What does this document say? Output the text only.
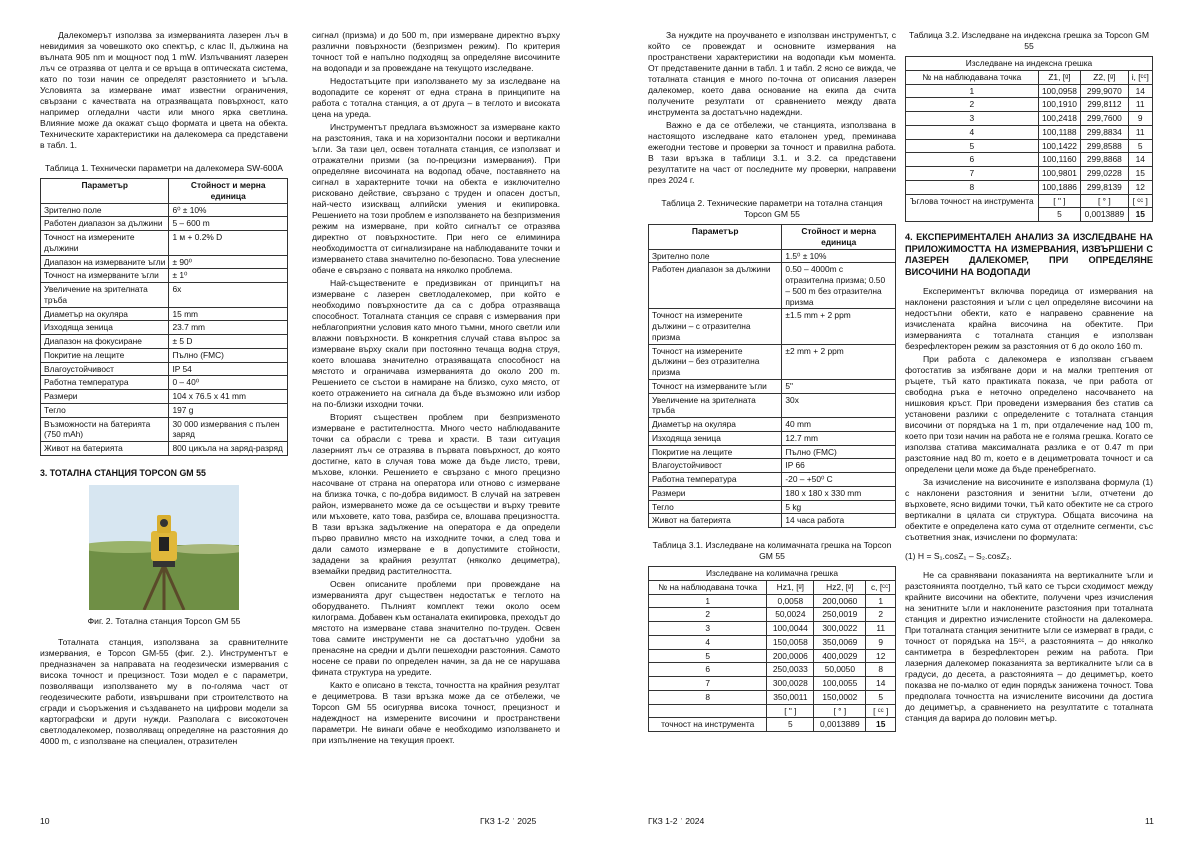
Далекомерът използва за измерванията лазерен лъч в невидимия за човешкото око спектър, с клас II, дължина на вълната 905 nm и мощност под 1 mW. Излъчваният лазерен лъч се отразява от целта и се връща в оптическата система, като по този начин се определят разстоянието и ъгъла. Условията за измерване имат известни ограничения, свързани с качествата на отразяващата повърхност, като например огледални части или много ярка светлина. Влияние може да окажат също формата и цвета на обекта. Техническите характеристики на далекомера са представени в табл. 1.

Таблица 1. Технически параметри на далекомера SW-600A

Параметър	Стойност и мерна единица
Зрително поле	6⁰ ± 10%
Работен диапазон за дължини	5 – 600 m
Точност на измерените дължини	1 м + 0.2% D
Диапазон на измерваните ъгли	± 90⁰
Точност на измерваните ъгли	± 1⁰
Увеличение на зрителната тръба	6x
Диаметър на окуляра	15 mm
Изходяща зеница	23.7 mm
Диапазон на фокусиране	± 5 D
Покритие на лещите	Пълно (FMC)
Влагоустойчивост	IP 54
Работна температура	0 – 40⁰
Размери	104 x 76.5 x 41 mm
Тегло	197 g
Възможности на батерията (750 mAh)	30 000 измервания с пълен заряд
Живот на батерията	800 цикъла на заряд-разряд

3. ТОТАЛНА СТАНЦИЯ TOPCON GM 55

Фиг. 2. Тотална станция Topcon GM 55

Тоталната станция, използвана за сравнителните измервания, е Topcon GM-55 (фиг. 2.). Инструментът е предназначен за направата на геодезически измервания с висока точност и прецизност. Този модел е с параметри, позволяващи използването му в по-голяма част от геодезическите работи, извършвани при строителството на сгради и съоръжения и създаването на цифрови модели за картографски и други нужди. Разполага с високоточен светлодалекомер, позволяващ определяне на разстояния до 4000 m, с използване на специален, отразителен

сигнал (призма) и до 500 m, при измерване директно върху различни повърхности (безпризмен режим). По критерия точност той е напълно подходящ за определяне височините на водопади и за провеждане на текущото изследване.

Недостатъците при използването му за изследване на водопадите се коренят от една страна в принципите на работа с тотална станция, а от друга – в теглото и високата цена на уреда.

Инструментът предлага възможност за измерване както на разстояния, така и на хоризонтални посоки и вертикални ъгли. За тази цел, освен тоталната станция, се използват и отражателни призми (за по-прецизни измервания). При определяне височината на водопад обаче, поставянето на сигнал в характерните точки на обекта е изключително рисковано действие, свързано с труден и опасен достъп, най-често изискващ алпийски умения и екипировка. Решението на този проблем е използването на безпризмения режим на измерване, при който сигналът се отразява директно от повърхностите. При него се елиминира необходимостта от сигнализиране на наблюдаваните точки и измерването става значително по-безопасно. Това улеснение обаче е свързано с появата на няколко проблема.

Най-съществените е предизвикан от принципът на измерване с лазерен светлодалекомер, при който е необходимо повърхностите да са с добра отразяваща способност. Тоталната станция се справя с измервания при неблагоприятни условия като много тъмни, много светли или влажни повърхности. В конкретния случай става въпрос за измерване върху скали при постоянно течаща водна струя, което влошава значително отразяващата способност на мястото и ограничава измерванията до около 200 m. Решението се състои в намиране на близко, сухо място, от което отражението на сигнала да бъде възможно или избор на по-близки изходни точки.

Вторият съществен проблем при безпризменото измерване е растителността. Много често наблюдаваните точки са обрасли с трева и храсти. В тази ситуация лазерният лъч се отразява в първата повърхност, до която достигне, като в случая това може да бъде листо, треви, мъхове, клонки. Решението е свързано с много прецизно насочване от страна на оператора или отново с измерване на близка точка, с по-добра видимост. В случай на затревен район, измерването може да се осъществи и върху тревите или мъховете, като това, разбира се, влошава прецизността. В тази връзка задължение на оператора е да определи първо правилно място на изходните точки, а след това и дали самото измерване е в допустимите стойности, зададени за крайния резултат (няколко дециметра), вземайки предвид растителността.

Освен описаните проблеми при провеждане на измерванията друг съществен недостатък е теглото на оборудването. Пълният комплект тежи около осем килограма. Добавен към останалата екипировка, преходът до мястото на измерване става значително по-труден. Освен това самите инструменти не са достатъчно удобни за пренасяне на средни и дълги пешеходни разстояния. Самото носене се прави по определен начин, за да не се нарушава фината структура на уредите.

Както е описано в текста, точността на крайния резултат е дециметрова. В тази връзка може да се отбележи, че Topcon GM 55 осигурява висока точност, прецизност и надеждност на измерените височини и пространствени параметри. Не винаги обаче е необходимо използването и при изпълнение на текущия проект.

10	ГКЗ 1-2 ˈ 2025

За нуждите на проучването е използван инструментът, с който се провеждат и основните измервания на пространствени характеристики на водопади към момента. От представените данни в табл. 1 и табл. 2 ясно се вижда, че тоталната станция е много по-точна от описания лазерен далекомер, което дава основание на екипа да счита получените резултати от сравнението между двата инструмента за достатъчно надеждни.

Важно е да се отбележи, че станцията, използвана в настоящото изследване като еталонен уред, преминава ежегодни тестове и проверки за точност и правилна работа. В тази връзка в таблици 3.1. и 3.2. са представени резултатите на част от последните му проверки, направени през 2024 г.

Таблица 2. Технические параметри на тотална станция Topcon GM 55

Параметър	Стойност и мерна единица
Зрително поле	1.5⁰ ± 10%
Работен диапазон за дължини	0.50 – 4000m с отразителна призма; 0.50 – 500 m без отразителна призма
Точност на измерените дължини – с отразителна призма	±1.5 mm + 2 ppm
Точност на измерените дължини – без отразителна призма	±2 mm + 2 ppm
Точност на измерваните ъгли	5"
Увеличение на зрителната тръба	30x
Диаметър на окуляра	40 mm
Изходяща зеница	12.7 mm
Покритие на лещите	Пълно (FMC)
Влагоустойчивост	IP 66
Работна температура	-20 – +50⁰ C
Размери	180 x 180 x 330 mm
Тегло	5 kg
Живот на батерията	14 часа работа

Таблица 3.1. Изследване на колимачната грешка на Topcon GM 55

Изследване на колимачна грешка			
№ на наблюдавана точка	Hz1, [ᵍ]	Hz2, [ᵍ]	c, [ᶜᶜ]
1	0,0058	200,0060	1
2	50,0024	250,0019	2
3	100,0044	300,0022	11
4	150,0058	350,0069	9
5	200,0006	400,0029	12
6	250,0033	50,0050	8
7	300,0028	100,0055	14
8	350,0011	150,0002	5
	[ " ]	[ ° ]	[ ᶜᶜ ]
точност на инструмента	5	0,0013889	15

Таблица 3.2. Изследване на индексна грешка за Topcon GM 55

Изследване на индексна грешка			
№ на наблюдавана точка	Z1, [ᵍ]	Z2, [ᵍ]	i, [ᶜᶜ]
1	100,0958	299,9070	14
2	100,1910	299,8112	11
3	100,2418	299,7600	9
4	100,1188	299,8834	11
5	100,1422	299,8588	5
6	100,1160	299,8868	14
7	100,9801	299,0228	15
8	100,1886	299,8139	12
Ъглова точност на инструмента	[ " ]	[ ° ]	[ ᶜᶜ ]
	5	0,0013889	15

4. ЕКСПЕРИМЕНТАЛЕН АНАЛИЗ ЗА ИЗСЛЕДВАНЕ НА ПРИЛОЖИМОСТТА НА ИЗМЕРВАНИЯ, ИЗВЪРШЕНИ С ЛАЗЕРЕН ДАЛЕКОМЕР, ПРИ ОПРЕДЕЛЯНЕ ВИСОЧИНИ НА ВОДОПАДИ

Експериментът включва поредица от измервания на наклонени разстояния и ъгли с цел определяне височини на недостъпни обекти, като е направено сравнение на изчислената крайна височина на обектите. При измерванията с тоталната станция е използван безрефлекторен режим за разстояния от 6 до около 160 m.

При работа с далекомера е използван сгъваем фотостатив за избягване дори и на малки трептения от ръцете, тъй като практиката показа, че при работа от свободна ръка е неточно определено насочването на нишковия кръст. При проведени измервания без статив са установени разлики с определените с тоталната станция височини от порядъка на 1 m, при отдалечение над 100 m, което при този начин на работа не е голяма грешка. Когато се използва статива максималната разлика е от 0.47 m при разстояние над 80 m, което е в дециметровата точност и са определени цели може да бъде пренебрегнато.

За изчисление на височините е използвана формула (1) с наклонени разстояния и зенитни ъгли, отчетени до върховете, ясно видими точки, тъй като обектите не са строго вертикални в цялата си структура. Общата височина на обектите е определена като сума от отделните сегменти, със съответния знак, изчислени по формулата:

(1) H = S₁.cosZ₁ – S₂.cosZ₂.

Не са сравнявани показанията на вертикалните ъгли и разстоянията поотделно, тъй като се търси сходимост между крайните височини на обектите, получени чрез изчисления на зенитните ъгли и наклонените разстояния при тоталната станция и директно изчислените стойности на далекомера. При тоталната станция зенитните ъгли се измерват в гради, с точност от порядъка на 15ᶜᶜ, а разстоянията – до няколко сантиметра в безрефлекторен режим на работа. При лазерния далекомер показанията за вертикалните ъгли са в градуси, до десета, а разстоянията – до дециметър, което показва не по-малко от един порядък занижена точност. Това предполага точността на изчислените височини да достига до дециметър, а сравнението на резултатите с тоталната станция да варира до половин метър.

ГКЗ 1-2 ˈ 2024	11
